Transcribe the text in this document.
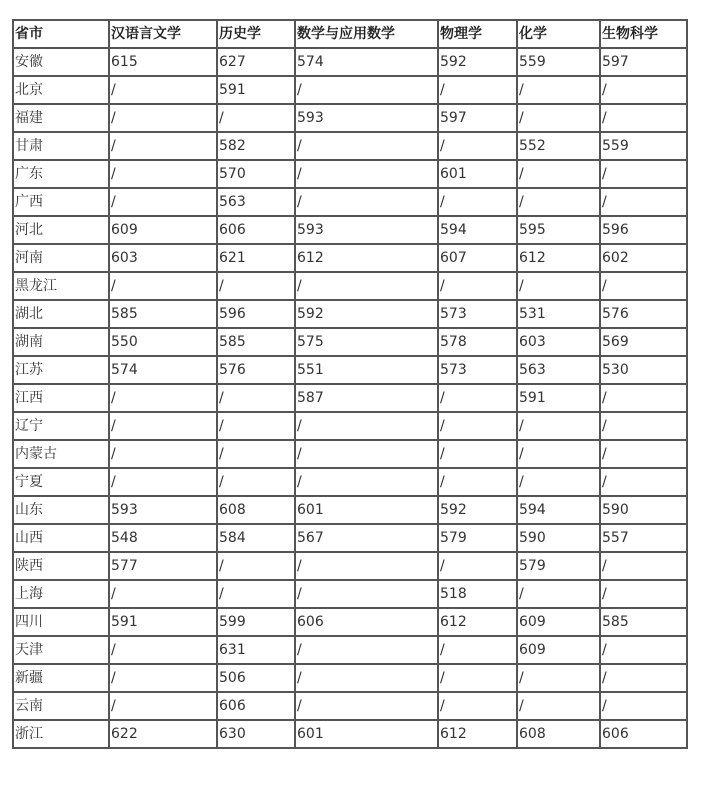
省市	汉语言文学	历史学	数学与应用数学	物理学	化学	生物科学
安徽	615	627	574	592	559	597
北京	/	591	/	/	/	/
福建	/	/	593	597	/	/
甘肃	/	582	/	/	552	559
广东	/	570	/	601	/	/
广西	/	563	/	/	/	/
河北	609	606	593	594	595	596
河南	603	621	612	607	612	602
黑龙江	/	/	/	/	/	/
湖北	585	596	592	573	531	576
湖南	550	585	575	578	603	569
江苏	574	576	551	573	563	530
江西	/	/	587	/	591	/
辽宁	/	/	/	/	/	/
内蒙古	/	/	/	/	/	/
宁夏	/	/	/	/	/	/
山东	593	608	601	592	594	590
山西	548	584	567	579	590	557
陕西	577	/	/	/	579	/
上海	/	/	/	518	/	/
四川	591	599	606	612	609	585
天津	/	631	/	/	609	/
新疆	/	506	/	/	/	/
云南	/	606	/	/	/	/
浙江	622	630	601	612	608	606
